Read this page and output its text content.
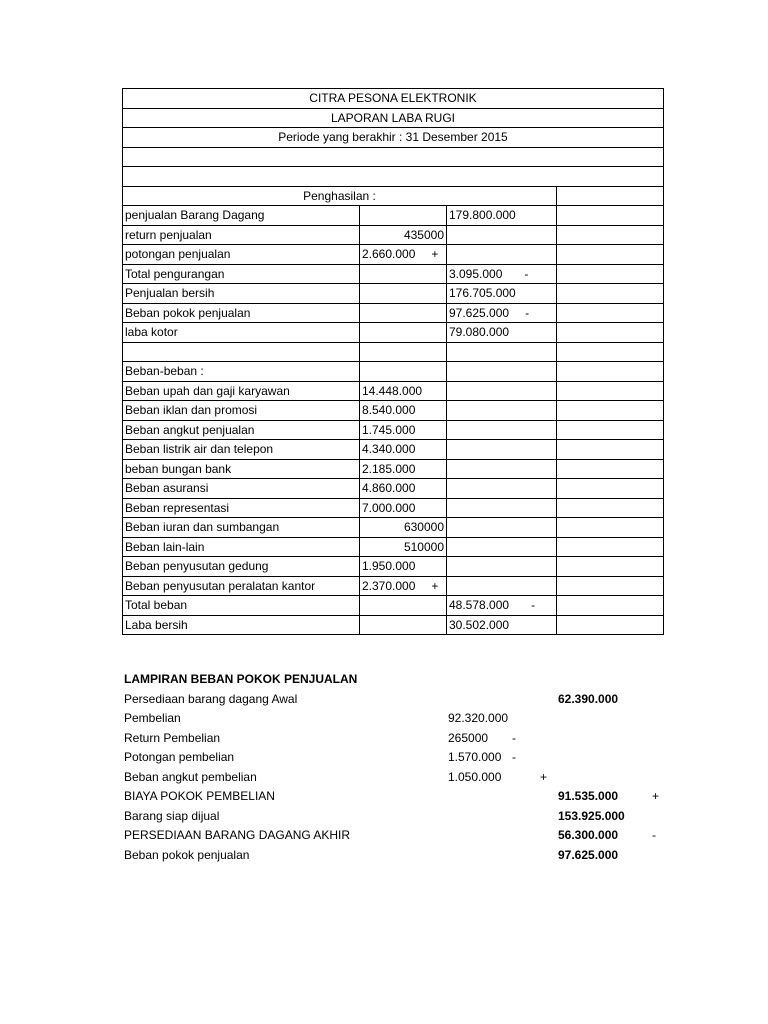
CITRA PESONA ELEKTRONIK			
LAPORAN LABA RUGI			
Periode yang berakhir : 31 Desember 2015			

Penghasilan :			
penjualan Barang Dagang		179.800.000	
return penjualan	435000		
potongan penjualan	2.660.000 +		
Total pengurangan		3.095.000 -	
Penjualan bersih		176.705.000	
Beban pokok penjualan		97.625.000 -	
laba kotor		79.080.000	

Beban-beban :			
Beban upah dan gaji karyawan	14.448.000		
Beban iklan dan promosi	8.540.000		
Beban angkut penjualan	1.745.000		
Beban listrik air dan telepon	4.340.000		
beban bungan bank	2.185.000		
Beban asuransi	4.860.000		
Beban representasi	7.000.000		
Beban iuran dan sumbangan	630000		
Beban lain-lain	510000		
Beban penyusutan gedung	1.950.000		
Beban penyusutan peralatan kantor	2.370.000 +		
Total beban		48.578.000 -	
Laba bersih		30.502.000	
LAMPIRAN BEBAN POKOK PENJUALAN
Persediaan barang dagang Awal	62.390.000
Pembelian	92.320.000
Return Pembelian	265000 -
Potongan pembelian	1.570.000 -
Beban angkut pembelian	1.050.000	+
BIAYA POKOK PEMBELIAN	91.535.000	+
Barang siap dijual	153.925.000
PERSEDIAAN BARANG DAGANG AKHIR	56.300.000	-
Beban pokok penjualan	97.625.000
